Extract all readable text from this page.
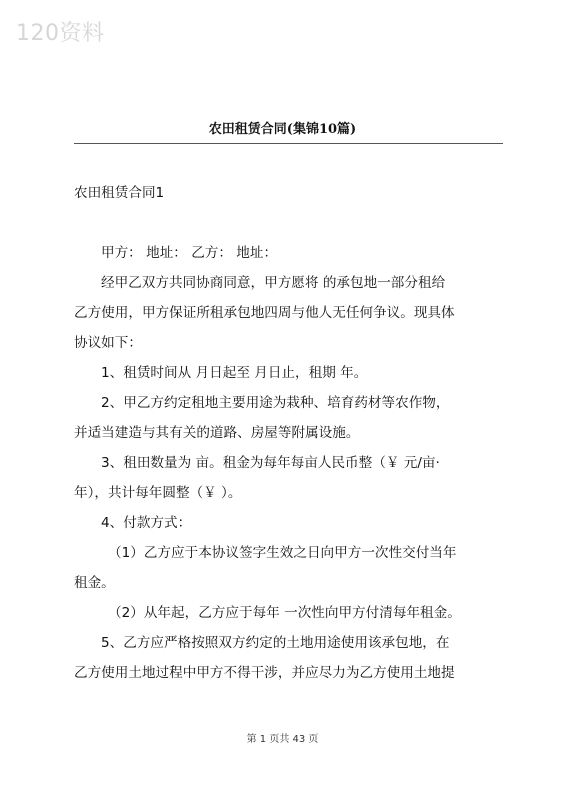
120资料
农田租赁合同(集锦10篇)

农田租赁合同1

甲方： 地址： 乙方： 地址：

经甲乙双方共同协商同意，甲方愿将 的承包地一部分租给

乙方使用，甲方保证所租承包地四周与他人无任何争议。现具体

协议如下：

1、租赁时间从 月日起至 月日止，租期 年。

2、甲乙方约定租地主要用途为栽种、培育药材等农作物，

并适当建造与其有关的道路、房屋等附属设施。

3、租田数量为 亩。租金为每年每亩人民币整（￥ 元/亩·

年），共计每年圆整（￥ ）。

4、付款方式：

（1）乙方应于本协议签字生效之日向甲方一次性交付当年

租金。

（2）从年起，乙方应于每年 一次性向甲方付清每年租金。

5、乙方应严格按照双方约定的土地用途使用该承包地，在

乙方使用土地过程中甲方不得干涉，并应尽力为乙方使用土地提

第 1 页共 43 页
